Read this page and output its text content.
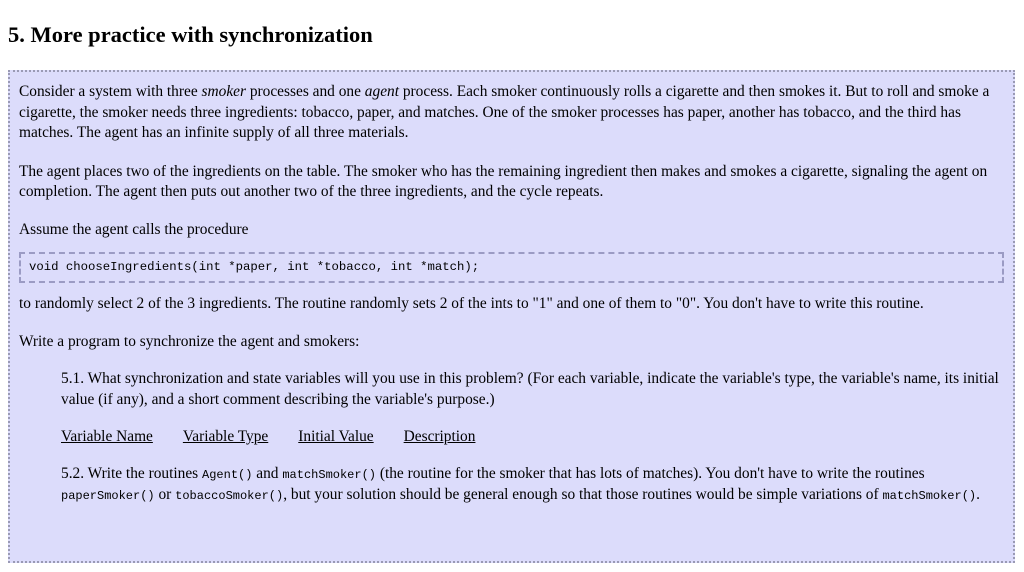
5. More practice with synchronization

Consider a system with three smoker processes and one agent process. Each smoker continuously rolls a cigarette and then smokes it. But to roll and smoke a cigarette, the smoker needs three ingredients: tobacco, paper, and matches. One of the smoker processes has paper, another has tobacco, and the third has matches. The agent has an infinite supply of all three materials.

The agent places two of the ingredients on the table. The smoker who has the remaining ingredient then makes and smokes a cigarette, signaling the agent on completion. The agent then puts out another two of the three ingredients, and the cycle repeats.

Assume the agent calls the procedure

void chooseIngredients(int *paper, int *tobacco, int *match);

to randomly select 2 of the 3 ingredients. The routine randomly sets 2 of the ints to "1" and one of them to "0". You don't have to write this routine.

Write a program to synchronize the agent and smokers:

5.1. What synchronization and state variables will you use in this problem? (For each variable, indicate the variable's type, the variable's name, its initial value (if any), and a short comment describing the variable's purpose.)

Variable Name Variable Type Initial Value Description

5.2. Write the routines Agent() and matchSmoker() (the routine for the smoker that has lots of matches). You don't have to write the routines paperSmoker() or tobaccoSmoker(), but your solution should be general enough so that those routines would be simple variations of matchSmoker().
